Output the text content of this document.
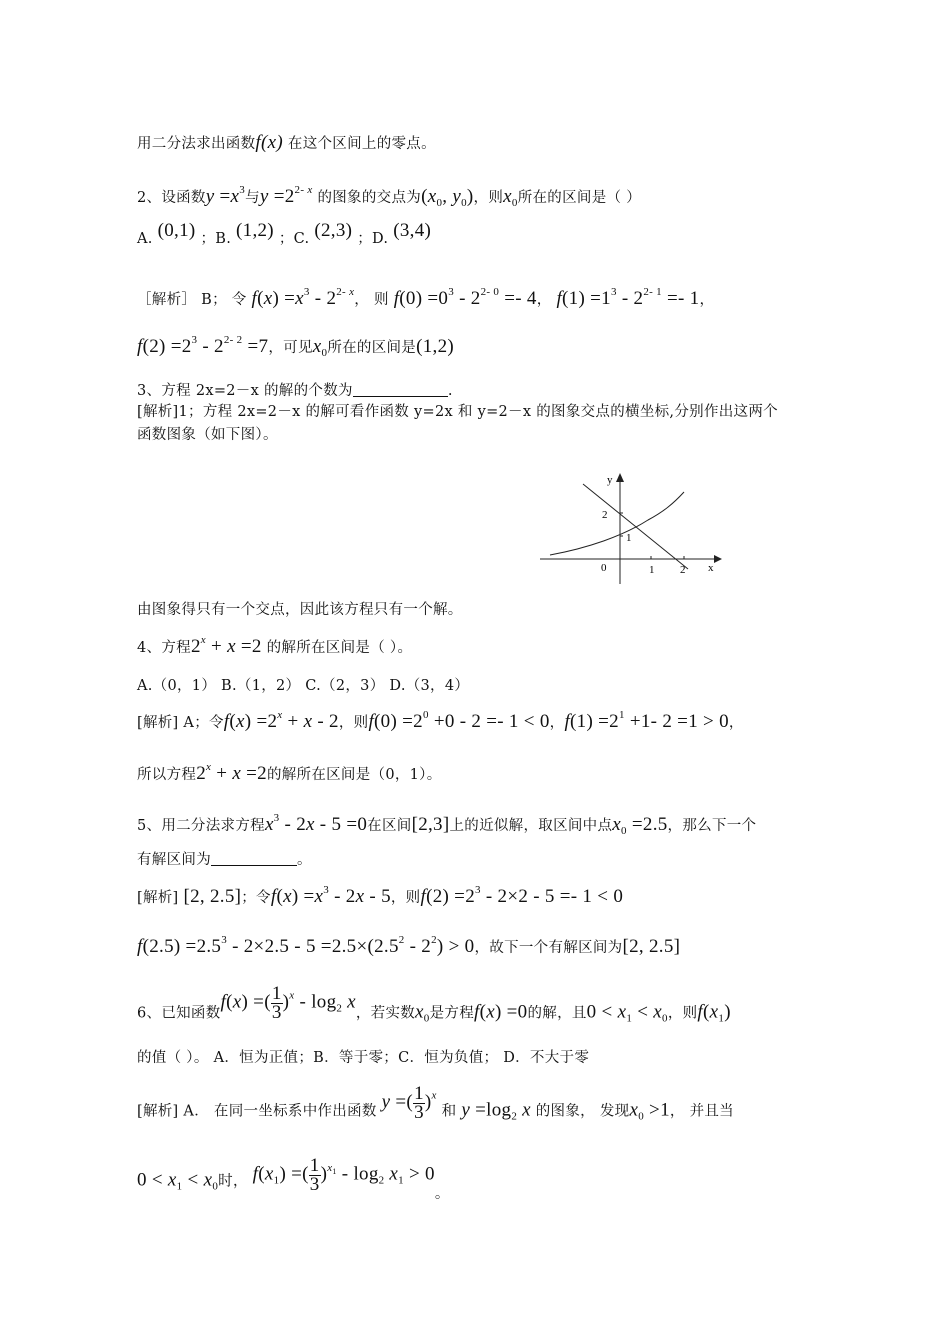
用二分法求出函数f(x) 在这个区间上的零点。
2、设函数$y =x^3$与$y =2^{2- x}$ 的图象的交点为($x_0$, $y_0$)，则$x_0$所在的区间是（ ）
A. (0,1) ；B. (1,2) ；C. (2,3) ；D. (3,4)
［解析］ B； 令 $f(x) =x^3 - 2^{2- x}$， 则 $f(0) =0^3 - 2^{2- 0} =- 4$， $f(1) =1^3 - 2^{2- 1} =- 1$，
$f(2) =2^3 - 2^{2- 2} =7$，可见$x_0$所在的区间是(1,2)
3、方程 2x=2－x 的解的个数为	.
[解析]1；方程 2x=2－x 的解可看作函数 y=2x 和 y=2－x 的图象交点的横坐标,分别作出这两个
函数图象（如下图）。
y
x
0	1 2
1
2
由图象得只有一个交点，因此该方程只有一个解。
4、方程$2^x + x =2$ 的解所在区间是（ ）。
A.（0，1） B.（1，2） C.（2，3） D.（3，4）
[解析] A；令$f(x) =2^x + x - 2$，则$f(0) =2^0 +0 - 2 =- 1 < 0$，$f(1) =2^1 +1-$ 2 =1 > 0，
所以方程$2^x + x =2$的解所在区间是（0，1）。
5、用二分法求方程$x^3 - 2x - 5 =0$在区间[2,3]上的近似解，取区间中点$x_0 =2.5$，那么下一个
有解区间为	。
[解析] [2, 2.5]；令$f(x) =x^3 - 2x - 5$，则$f(2) =2^3 - 2\times 2 - 5 =- 1 < 0$
$f(2.5) =2.5^3 - 2\times 2.5 - 5 =2.5\times(2.5^2 - 2^2) > 0$，故下一个有解区间为[2, 2.5]
6、已知函数f(x) =( $\frac{1}{3} )^x - \log_2 x$，若实数$x_0$是方程f(x) =0的解，且$0 < x_1 < x_0$，则$f(x_1)$
的值（ ）。 A．恒为正值；B．等于零；C．恒为负值； D．不大于零
[解析] A． 在同一坐标系中作出函数 y =( $\frac{1}{3} )^x$ 和 $y =\log_2$ x 的图象， 发现$x_0 >1$， 并且当
$0 < x_1 < x_0$时， $f(x_1)$ =( $\frac{1}{3} )^{x_1} - \log_2 x_1 > 0$。
